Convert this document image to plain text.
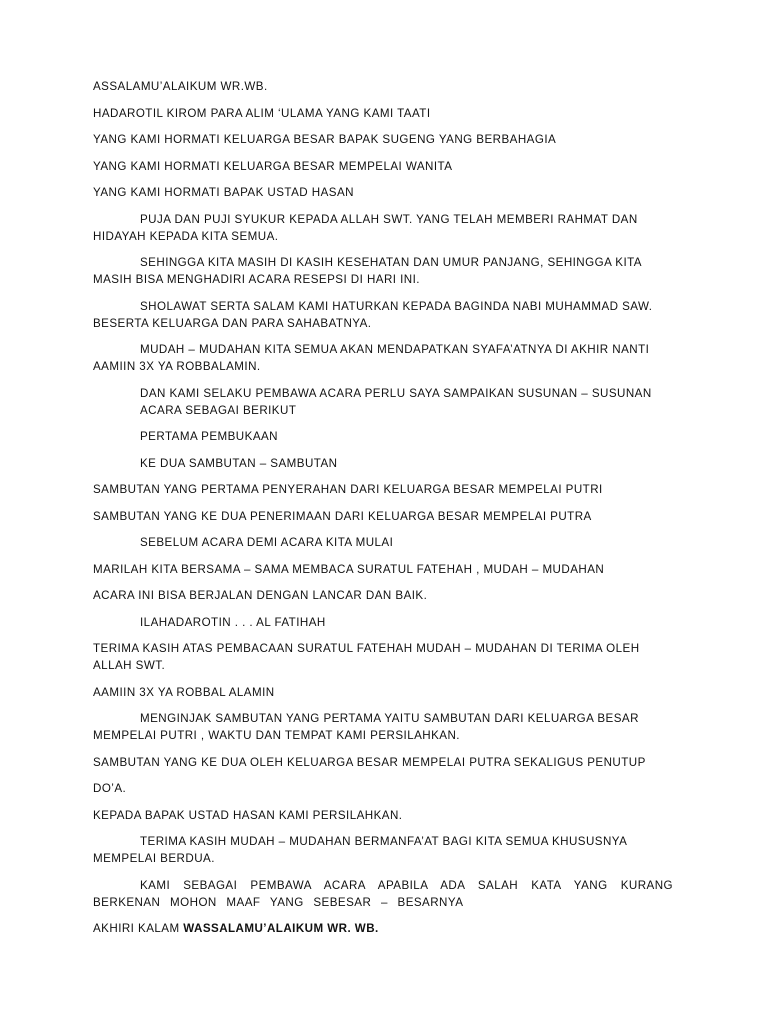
ASSALAMU’ALAIKUM WR.WB.

HADAROTIL KIROM PARA ALIM ‘ULAMA YANG KAMI TAATI

YANG KAMI HORMATI KELUARGA BESAR BAPAK SUGENG YANG BERBAHAGIA

YANG KAMI HORMATI KELUARGA BESAR MEMPELAI WANITA

YANG KAMI HORMATI BAPAK USTAD HASAN

PUJA DAN PUJI SYUKUR KEPADA ALLAH SWT. YANG TELAH MEMBERI RAHMAT DAN HIDAYAH KEPADA KITA SEMUA.

SEHINGGA KITA MASIH DI KASIH KESEHATAN DAN UMUR PANJANG, SEHINGGA KITA MASIH BISA MENGHADIRI ACARA RESEPSI DI HARI INI.

SHOLAWAT SERTA SALAM KAMI HATURKAN KEPADA BAGINDA NABI MUHAMMAD SAW. BESERTA KELUARGA DAN PARA SAHABATNYA.

MUDAH – MUDAHAN KITA SEMUA AKAN MENDAPATKAN SYAFA’ATNYA DI AKHIR NANTI AAMIIN 3X YA ROBBALAMIN.

DAN KAMI SELAKU PEMBAWA ACARA PERLU SAYA SAMPAIKAN SUSUNAN – SUSUNAN ACARA SEBAGAI BERIKUT

PERTAMA PEMBUKAAN

KE DUA SAMBUTAN – SAMBUTAN

SAMBUTAN YANG PERTAMA PENYERAHAN DARI KELUARGA BESAR MEMPELAI PUTRI

SAMBUTAN YANG KE DUA PENERIMAAN DARI KELUARGA BESAR MEMPELAI PUTRA

SEBELUM ACARA DEMI ACARA KITA MULAI

MARILAH KITA BERSAMA – SAMA MEMBACA SURATUL FATEHAH , MUDAH – MUDAHAN

ACARA INI BISA BERJALAN DENGAN LANCAR DAN BAIK.

ILAHADAROTIN . . . AL FATIHAH

TERIMA KASIH ATAS PEMBACAAN SURATUL FATEHAH MUDAH – MUDAHAN DI TERIMA OLEH ALLAH SWT.

AAMIIN 3X YA ROBBAL ALAMIN

MENGINJAK SAMBUTAN YANG PERTAMA YAITU SAMBUTAN DARI KELUARGA BESAR MEMPELAI PUTRI , WAKTU DAN TEMPAT KAMI PERSILAHKAN.

SAMBUTAN YANG KE DUA OLEH KELUARGA BESAR MEMPELAI PUTRA SEKALIGUS PENUTUP

DO’A.

KEPADA BAPAK USTAD HASAN KAMI PERSILAHKAN.

TERIMA KASIH MUDAH – MUDAHAN BERMANFA’AT BAGI KITA SEMUA KHUSUSNYA MEMPELAI BERDUA.

KAMI SEBAGAI PEMBAWA ACARA APABILA ADA SALAH KATA YANG KURANG BERKENAN MOHON MAAF YANG SEBESAR – BESARNYA

AKHIRI KALAM WASSALAMU’ALAIKUM WR. WB.
